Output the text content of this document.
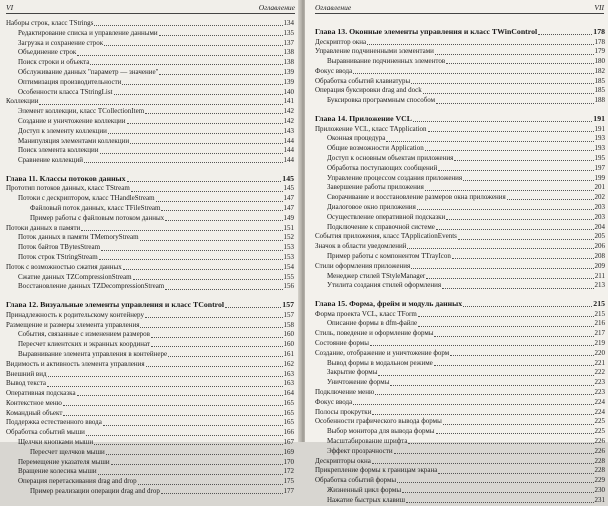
VI	Оглавление
Наборы строк, класс TStrings	134
Редактирование списка и управление данными	135
Загрузка и сохранение строк	137
Объединение строк	138
Поиск строки и объекта	138
Обслуживание данных "параметр — значение"	139
Оптимизация производительности	139
Особенности класса TStringList	140
Коллекции	141
Элемент коллекции, класс TCollectionItem	142
Создание и уничтожение коллекции	142
Доступ к элементу коллекции	143
Манипуляция элементами коллекции	144
Поиск элемента коллекции	144
Сравнение коллекций	144
Глава 11. Классы потоков данных	145
Прототип потоков данных, класс TStream	145
Потоки с дескриптором, класс THandleStream	147
Файловый поток данных, класс TFileStream	147
Пример работы с файловым потоком данных	149
Потоки данных в памяти	151
Поток данных в памяти TMemoryStream	152
Поток байтов TBytesStream	153
Поток строк TStringStream	153
Поток с возможностью сжатия данных	154
Сжатие данных TZCompressionStream	155
Восстановление данных TZDecompressionStream	156
Глава 12. Визуальные элементы управления и класс TControl	157
Принадлежность к родительскому контейнеру	157
Размещение и размеры элемента управления	158
События, связанные с изменением размеров	160
Пересчет клиентских и экранных координат	160
Выравнивание элемента управления в контейнере	161
Видимость и активность элемента управления	162
Внешний вид	163
Вывод текста	163
Оперативная подсказка	164
Контекстное меню	165
Командный объект	165
Поддержка естественного ввода	165
Обработка событий мыши	166
Щелчки кнопками мыши	167
Пересчет щелчков мыши	169
Перемещение указателя мыши	170
Вращение колесика мыши	172
Операция перетаскивания drag and drop	175
Пример реализации операции drag and drop	177
Оглавление	VII
Глава 13. Оконные элементы управления и класс TWinControl	178
Дескриптор окна	178
Управление подчиненными элементами	179
Выравнивание подчиненных элементов	180
Фокус ввода	182
Обработка событий клавиатуры	185
Операция буксировки drag and dock	185
Буксировка программным способом	188
Глава 14. Приложение VCL	191
Приложение VCL, класс TApplication	191
Оконная процедура	193
Общие возможности Application	193
Доступ к основным объектам приложения	195
Обработка поступающих сообщений	197
Управление процессом создания приложения	199
Завершение работы приложения	201
Сворачивание и восстановление размеров окна приложения	202
Диалоговое окно приложения	203
Осуществление оперативной подсказки	203
Подключение к справочной системе	204
События приложения, класс TApplicationEvents	205
Значок в области уведомлений	206
Пример работы с компонентом TTrayIcon	208
Стили оформления приложения	209
Менеджер стилей TStyleManager	211
Утилита создания стилей оформления	213
Глава 15. Форма, фрейм и модуль данных	215
Форма проекта VCL, класс TForm	215
Описание формы в dfm-файле	216
Стиль, поведение и оформление формы	217
Состояние формы	219
Создание, отображение и уничтожение форм	220
Вывод формы в модальном режиме	221
Закрытие формы	222
Уничтожение формы	223
Подключение меню	223
Фокус ввода	224
Полосы прокрутки	224
Особенности графического вывода формы	225
Выбор монитора для вывода формы	225
Масштабирование шрифта	226
Эффект прозрачности	226
Дескрипторы окна	228
Прикрепление формы к границам экрана	228
Обработка событий формы	229
Жизненный цикл формы	230
Нажатие быстрых клавиш	231
